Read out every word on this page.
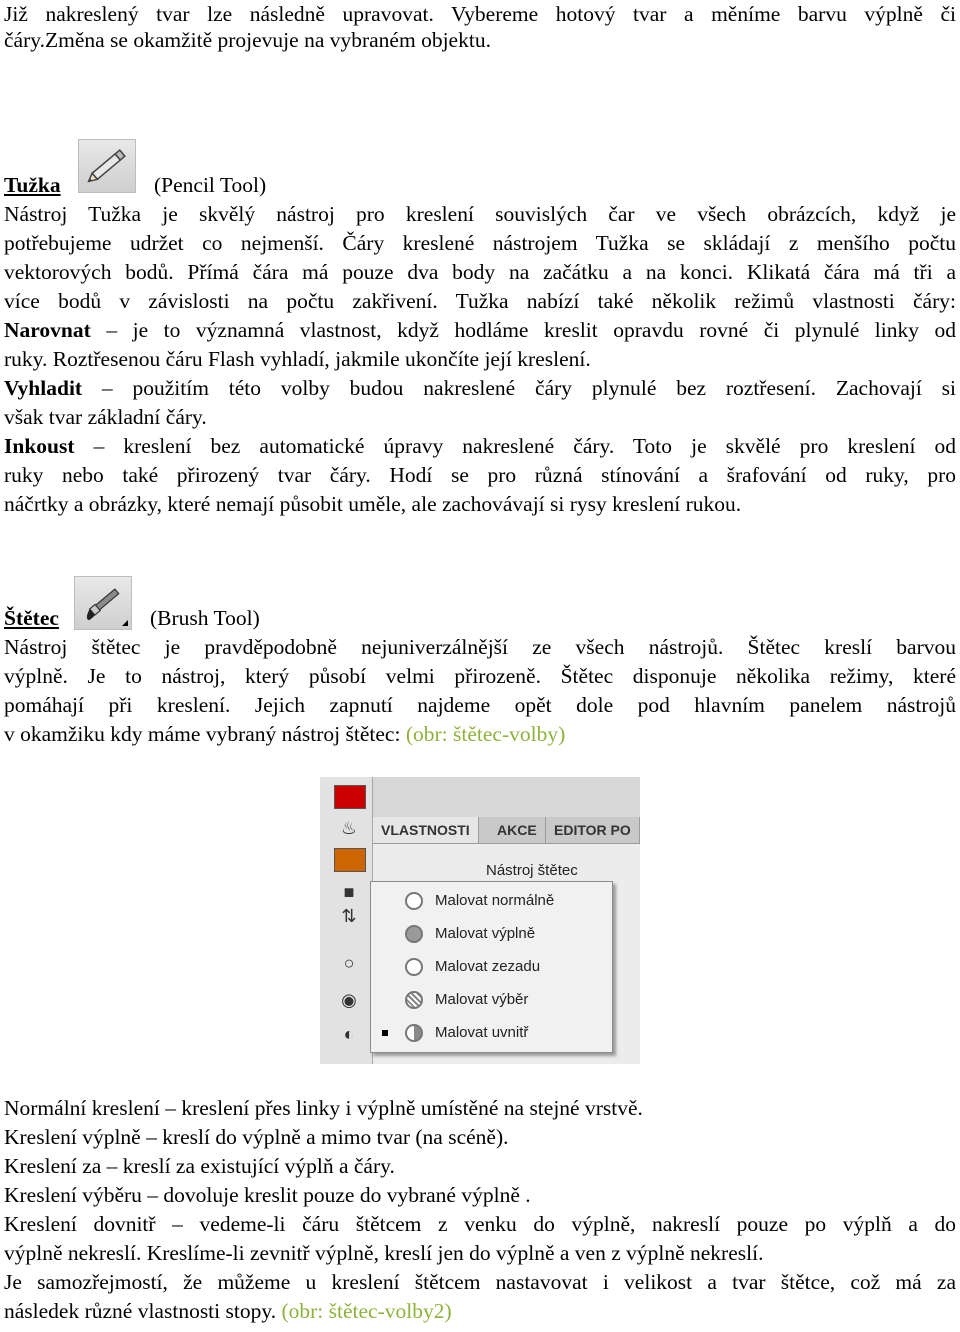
Již nakreslený tvar lze následně upravovat. Vybereme hotový tvar a měníme barvu výplně či
čáry.Změna se okamžitě projevuje na vybraném objektu.
Tužka	(Pencil Tool)
Nástroj Tužka je skvělý nástroj pro kreslení souvislých čar ve všech obrázcích, když je
potřebujeme udržet co nejmenší. Čáry kreslené nástrojem Tužka se skládají z menšího počtu
vektorových bodů. Přímá čára má pouze dva body na začátku a na konci. Klikatá čára má tři a
více bodů v závislosti na počtu zakřivení. Tužka nabízí také několik režimů vlastnosti čáry:
Narovnat – je to významná vlastnost, když hodláme kreslit opravdu rovné či plynulé linky od
ruky. Roztřesenou čáru Flash vyhladí, jakmile ukončíte její kreslení.
Vyhladit – použitím této volby budou nakreslené čáry plynulé bez roztřesení. Zachovají si
však tvar základní čáry.
Inkoust – kreslení bez automatické úpravy nakreslené čáry. Toto je skvělé pro kreslení od
ruky nebo také přirozený tvar čáry. Hodí se pro různá stínování a šrafování od ruky, pro
náčrtky a obrázky, které nemají působit uměle, ale zachovávají si rysy kreslení rukou.
Štětec	(Brush Tool)
Nástroj štětec je pravděpodobně nejuniverzálnější ze všech nástrojů. Štětec kreslí barvou
výplně. Je to nástroj, který působí velmi přirozeně. Štětec disponuje několika režimy, které
pomáhají při kreslení. Jejich zapnutí najdeme opět dole pod hlavním panelem nástrojů
v okamžiku kdy máme vybraný nástroj štětec: (obr: štětec-volby)
♨
■
⇅
○
◉
◐
VLASTNOSTI	AKCE	EDITOR PO
Nástroj štětec
Malovat normálně
Malovat výplně
Malovat zezadu
Malovat výběr
Malovat uvnitř
Normální kreslení – kreslení přes linky i výplně umístěné na stejné vrstvě.
Kreslení výplně – kreslí do výplně a mimo tvar (na scéně).
Kreslení za – kreslí za existující výplň a čáry.
Kreslení výběru – dovoluje kreslit pouze do vybrané výplně .
Kreslení dovnitř – vedeme-li čáru štětcem z venku do výplně, nakreslí pouze po výplň a do
výplně nekreslí. Kreslíme-li zevnitř výplně, kreslí jen do výplně a ven z výplně nekreslí.
Je samozřejmostí, že můžeme u kreslení štětcem nastavovat i velikost a tvar štětce, což má za
následek různé vlastnosti stopy. (obr: štětec-volby2)
